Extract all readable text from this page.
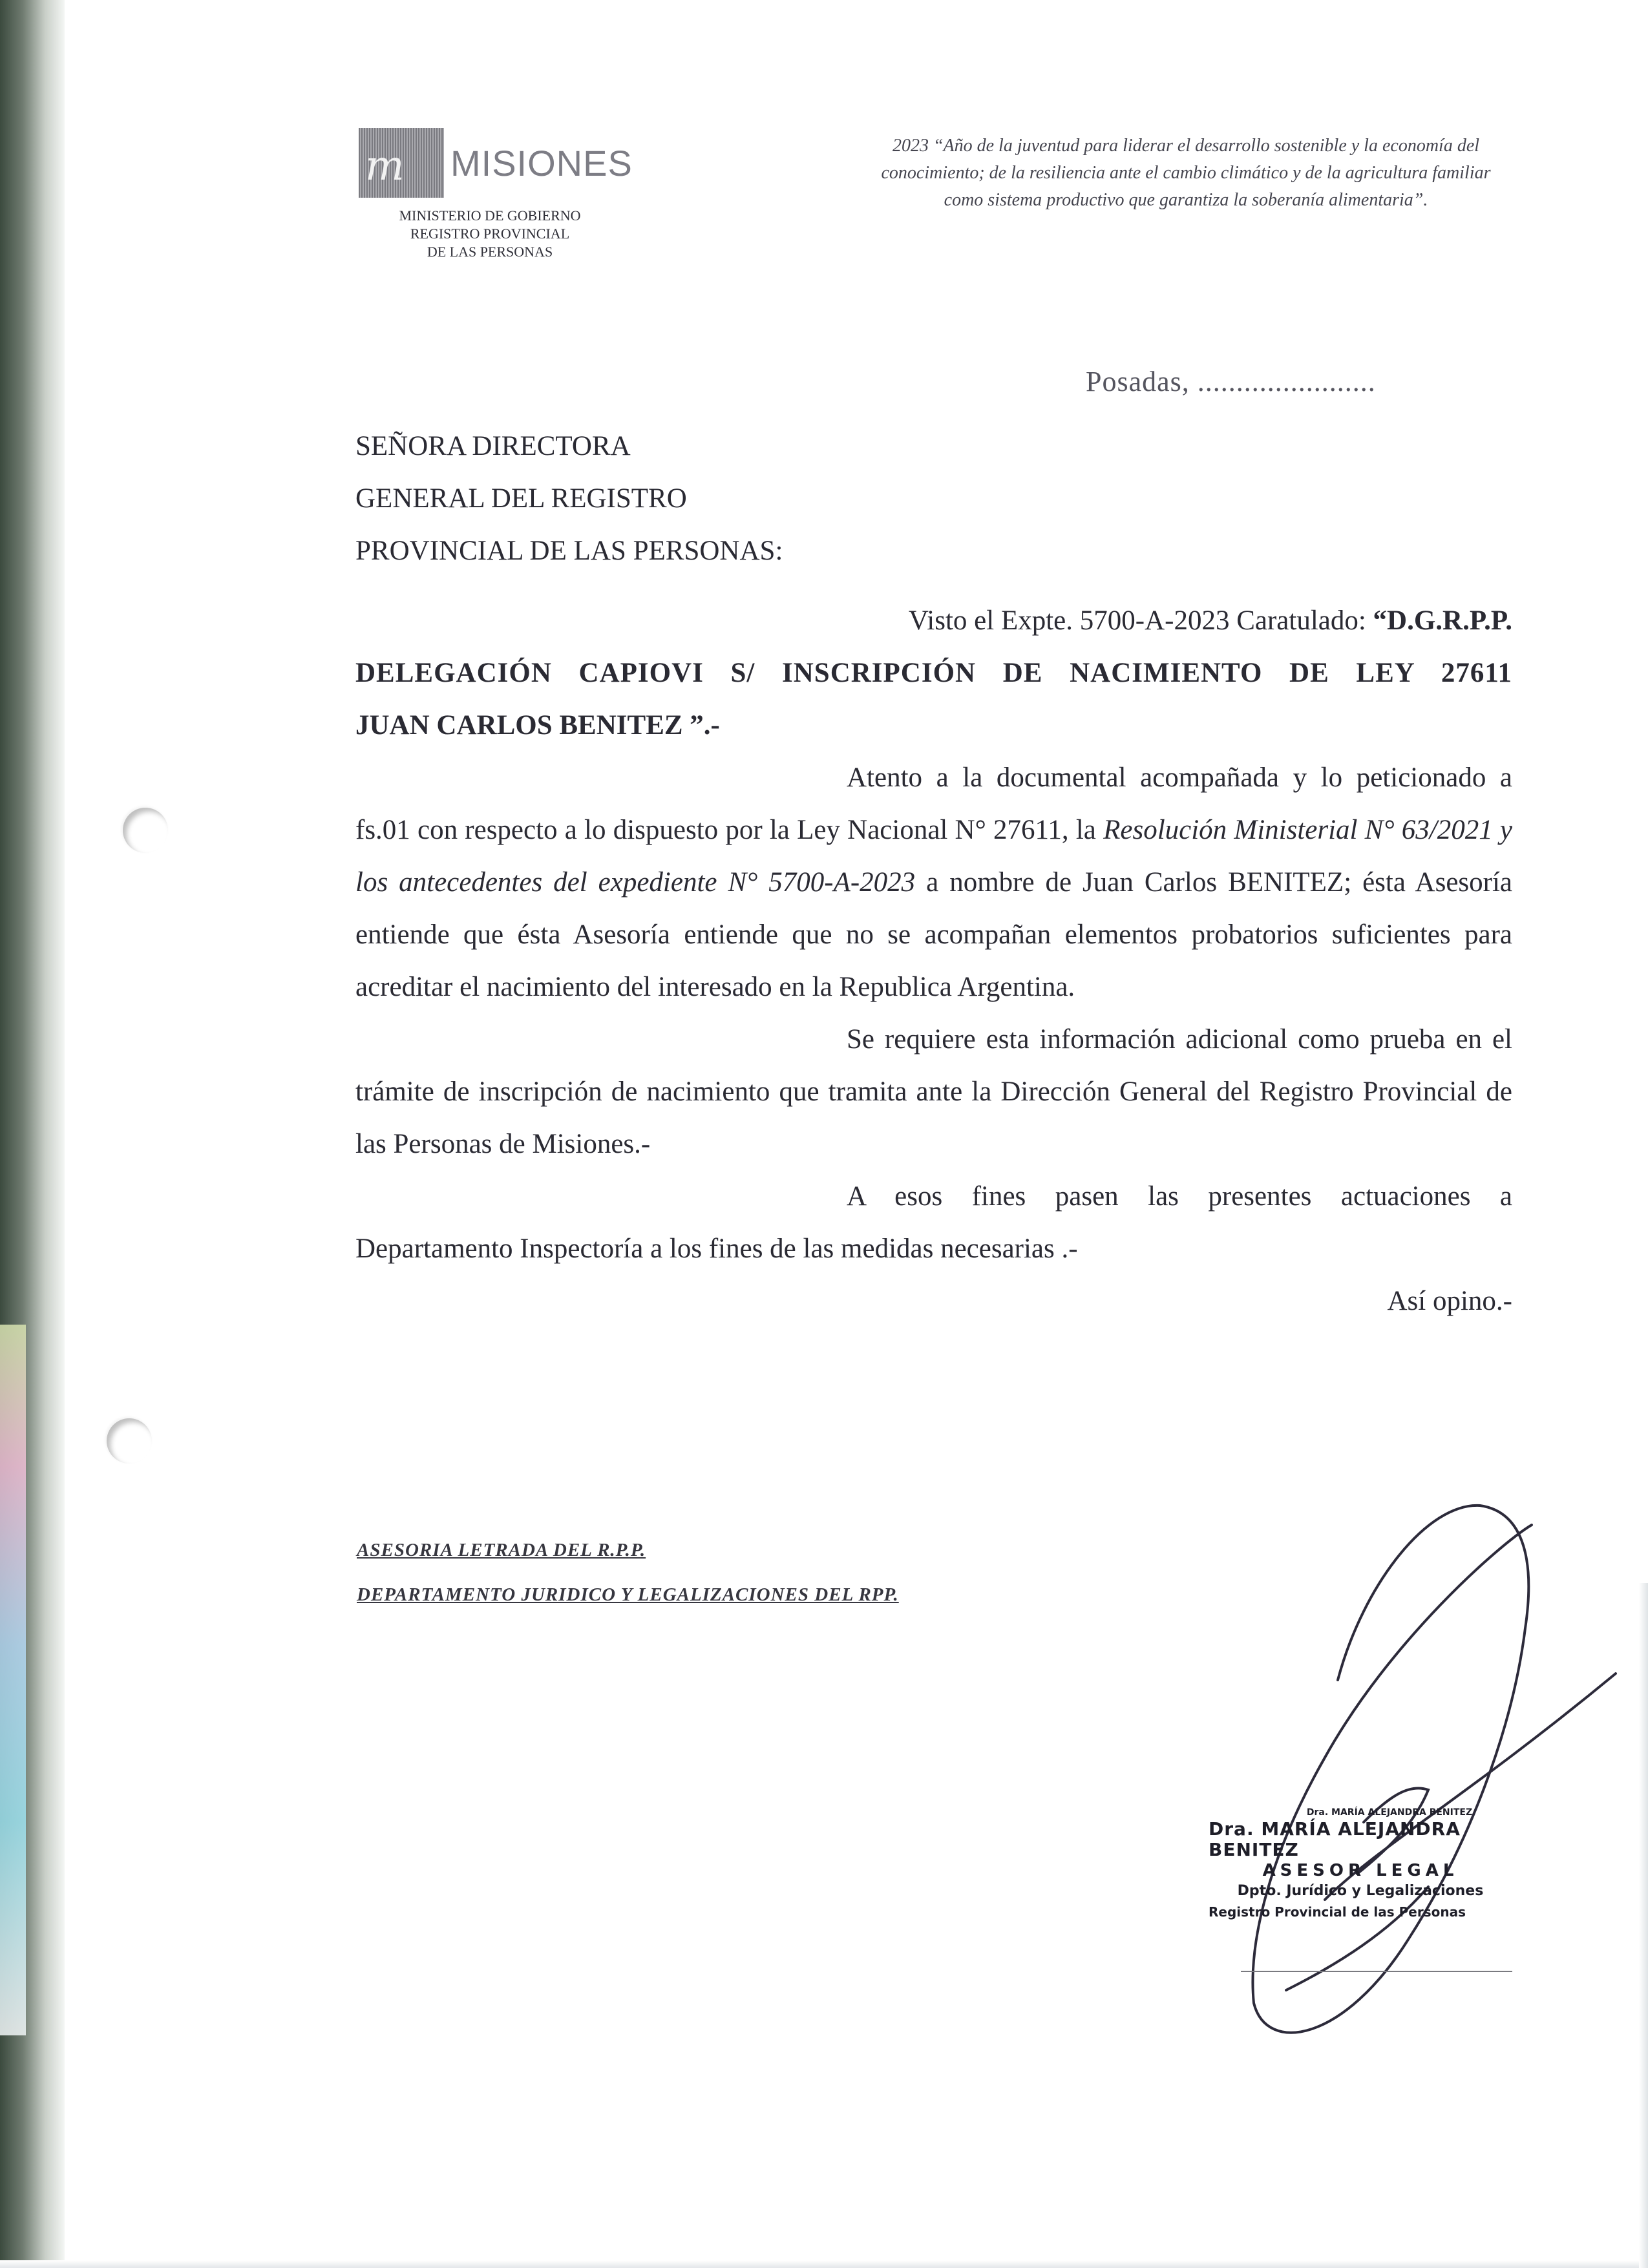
m MISIONES
MINISTERIO DE GOBIERNO
REGISTRO PROVINCIAL
DE LAS PERSONAS
2023 “Año de la juventud para liderar el desarrollo sostenible y la economía del
conocimiento; de la resiliencia ante el cambio climático y de la agricultura familiar
como sistema productivo que garantiza la soberanía alimentaria”.
Posadas, .......................
SEÑORA DIRECTORA
GENERAL DEL REGISTRO
PROVINCIAL DE LAS PERSONAS:

Visto el Expte. 5700-A-2023 Caratulado: “D.G.R.P.P.

DELEGACIÓN CAPIOVI S/ INSCRIPCIÓN DE NACIMIENTO DE LEY 27611

JUAN CARLOS BENITEZ ”.-

Atento a la documental acompañada y lo peticionado a fs.01 con respecto a lo dispuesto por la Ley Nacional N° 27611, la Resolución Ministerial N° 63/2021 y los antecedentes del expediente N° 5700-A-2023 a nombre de Juan Carlos BENITEZ; ésta Asesoría entiende que ésta Asesoría entiende que no se acompañan elementos probatorios suficientes para acreditar el nacimiento del interesado en la Republica Argentina.

Se requiere esta información adicional como prueba en el trámite de inscripción de nacimiento que tramita ante la Dirección General del Registro Provincial de las Personas de Misiones.-

A esos fines pasen las presentes actuaciones a Departamento Inspectoría a los fines de las medidas necesarias .-

Así opino.-

ASESORIA LETRADA DEL R.P.P.
DEPARTAMENTO JURIDICO Y LEGALIZACIONES DEL RPP.
Dra. MARÍA ALEJANDRA BENITEZ
Dra. MARÍA ALEJANDRA BENITEZ
ASESOR LEGAL
Dpto. Jurídico y Legalizaciones
Registro Provincial de las Personas
